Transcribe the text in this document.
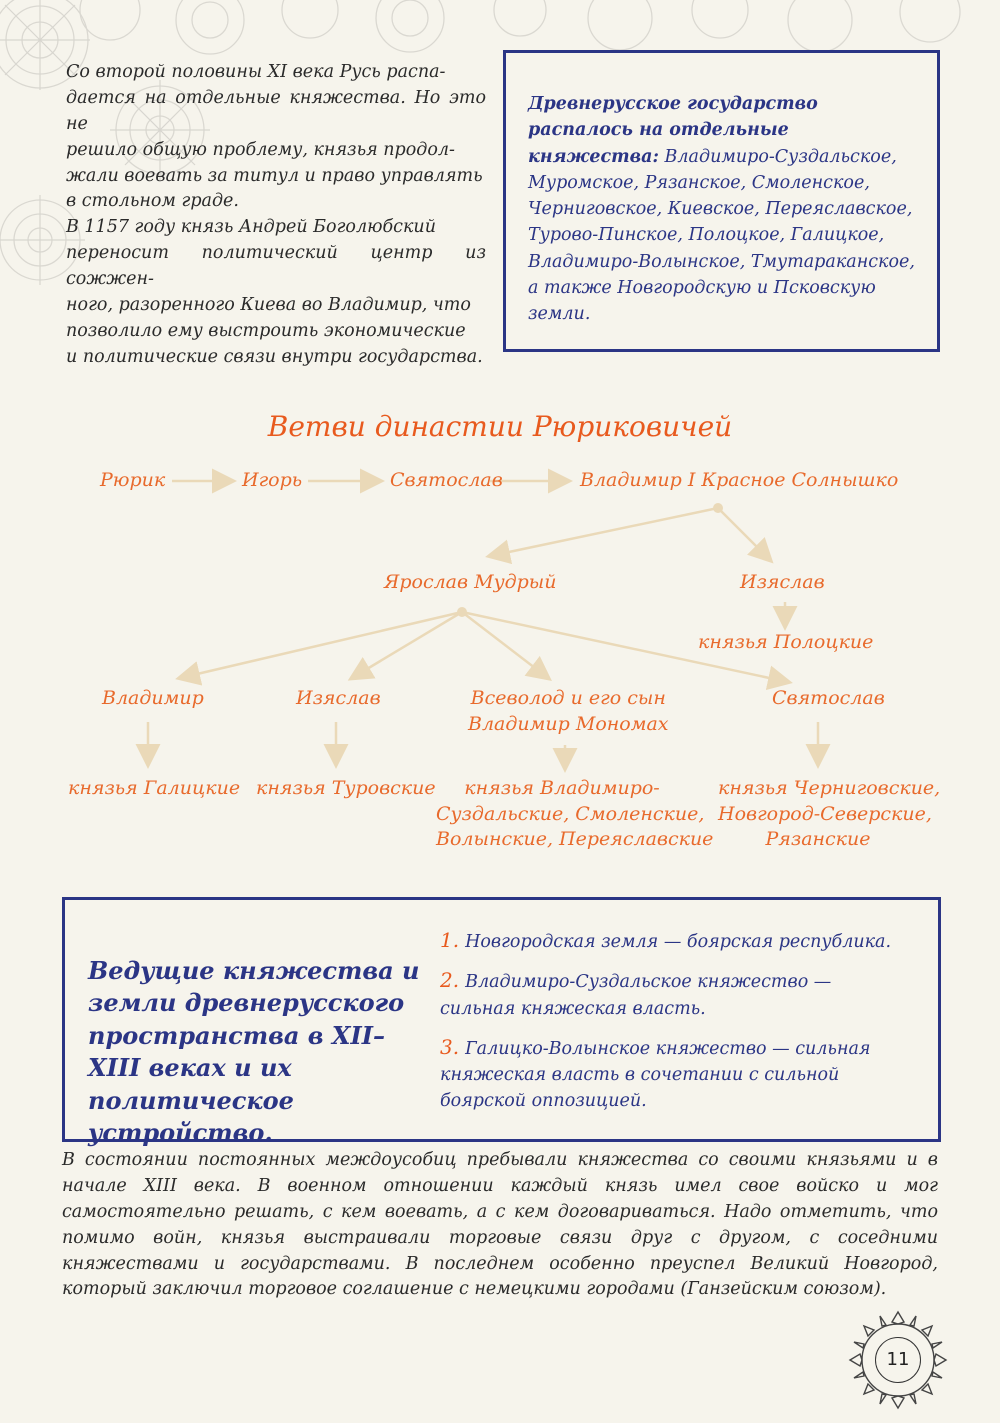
Со второй половины XI века Русь распа-
дается на отдельные княжества. Но это не
решило общую проблему, князья продол-
жали воевать за титул и право управлять
в стольном граде.
В 1157 году князь Андрей Боголюбский
переносит политический центр из сожжен-
ного, разоренного Киева во Владимир, что
позволило ему выстроить экономические
и политические связи внутри государства.
Древнерусское государство распалось на отдельные княжества: Владимиро-Суздальское, Муромское, Рязанское, Смоленское, Черниговское, Киевское, Переяславское, Турово-Пинское, Полоцкое, Галицкое, Владимиро-Волынское, Тмутараканское, а также Новгородскую и Псковскую земли.
Ветви династии Рюриковичей
Рюрик	Игорь	Святослав	Владимир I Красное Солнышко
Ярослав Мудрый	Изяслав
князья Полоцкие
Владимир	Изяслав	Всеволод и его сын
Владимир Мономах
Святослав
князья Галицкие князья Туровские	князья Владимиро-
Суздальские, Смоленские,
Волынские, Переяславские
князья Черниговские,
Новгород-Северские,
Рязанские
Ведущие княжества и земли древнерусского пространства в XII–XIII веках и их политическое устройство.
1. Новгородская земля — боярская республика.
2. Владимиро-Суздальское княжество — сильная княжеская власть.
3. Галицко-Волынское княжество — сильная княжеская власть в сочетании с сильной боярской оппозицией.

В состоянии постоянных междоусобиц пребывали княжества со своими князьями и в начале XIII века. В военном отношении каждый князь имел свое войско и мог самостоятельно решать, с кем воевать, а с кем договариваться. Надо отметить, что помимо войн, князья выстраивали торговые связи друг с другом, с соседними княжествами и государствами. В последнем особенно преуспел Великий Новгород, который заключил торговое соглашение с немецкими городами (Ганзейским союзом).

11
